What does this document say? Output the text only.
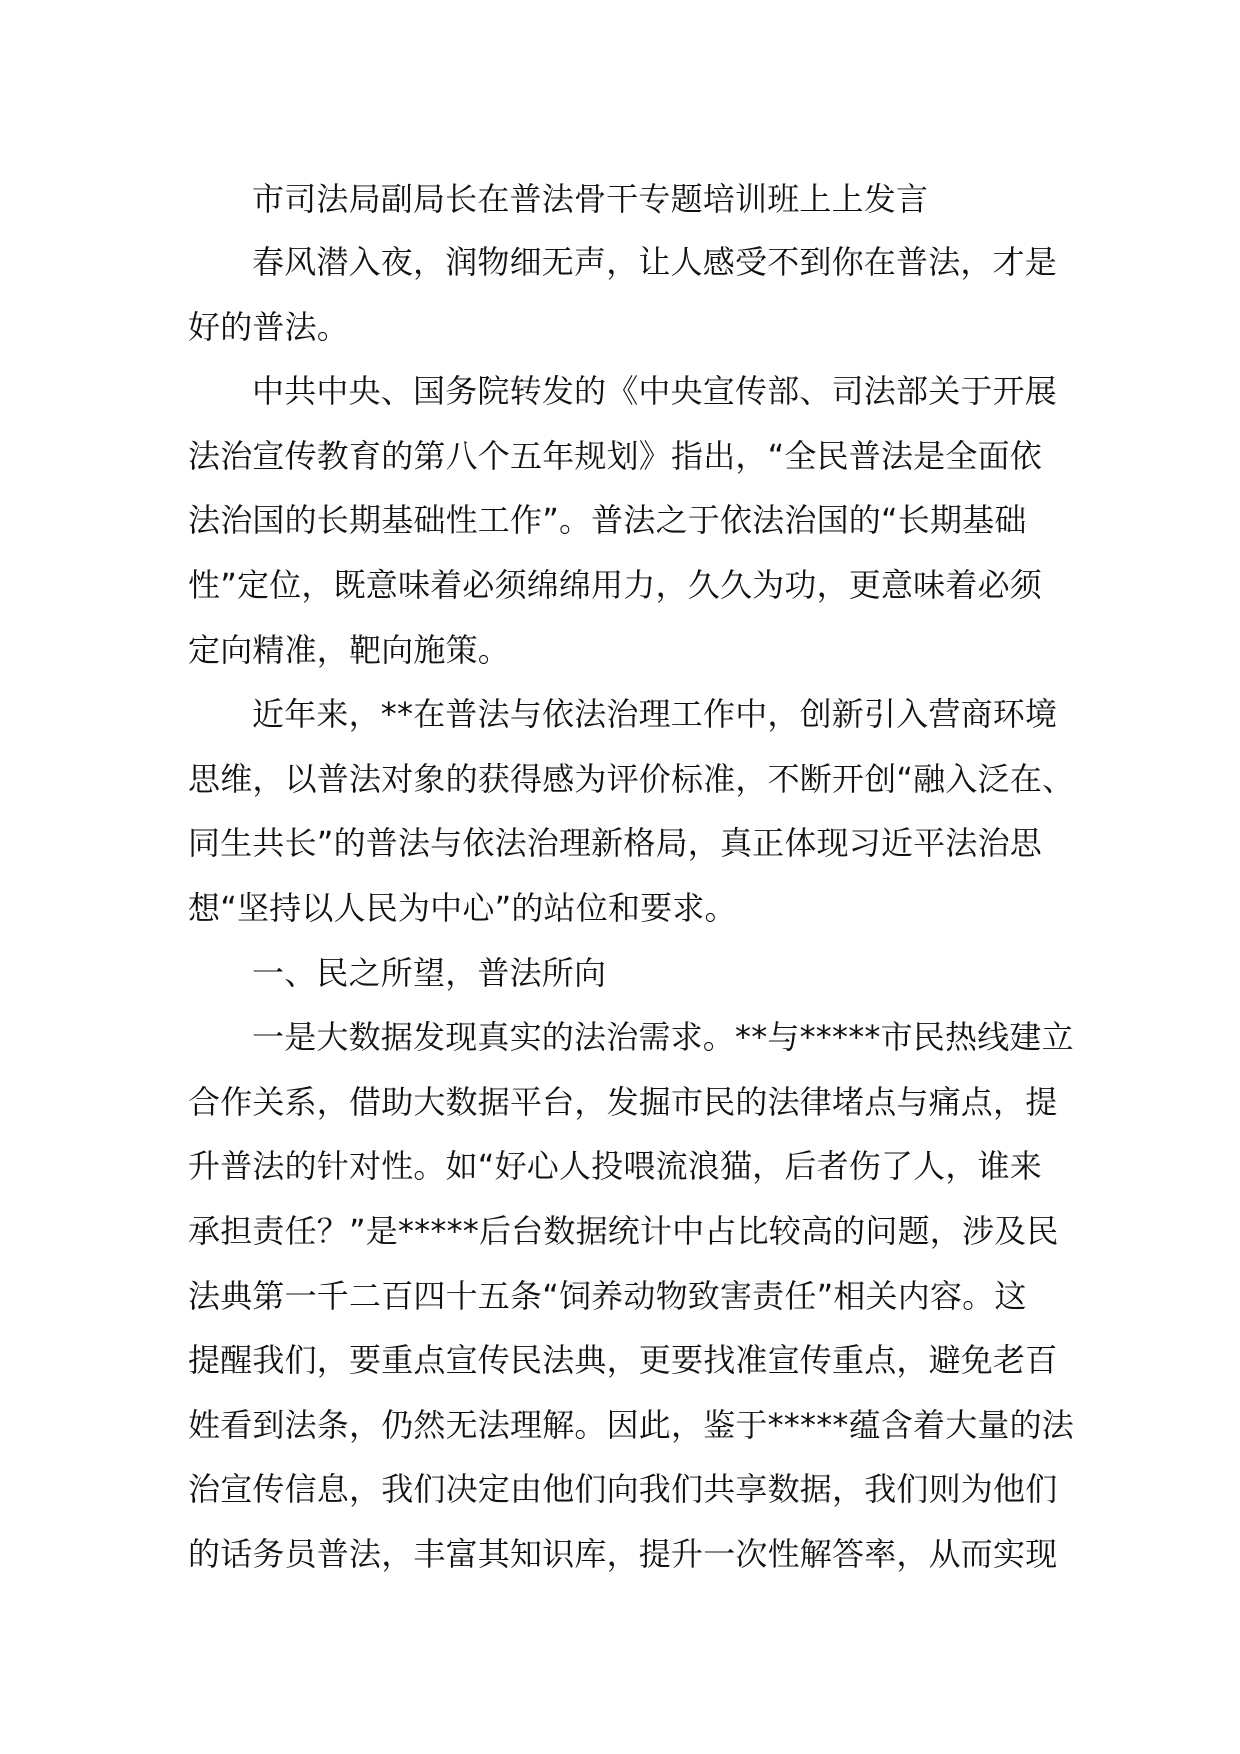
市司法局副局长在普法骨干专题培训班上上发言
春风潜入夜，润物细无声，让人感受不到你在普法，才是
好的普法。
中共中央、国务院转发的《中央宣传部、司法部关于开展
法治宣传教育的第八个五年规划》指出，“全民普法是全面依
法治国的长期基础性工作”。普法之于依法治国的“长期基础
性”定位，既意味着必须绵绵用力，久久为功，更意味着必须
定向精准，靶向施策。
近年来，**在普法与依法治理工作中，创新引入营商环境
思维，以普法对象的获得感为评价标准，不断开创“融入泛在、
同生共长”的普法与依法治理新格局，真正体现习近平法治思
想“坚持以人民为中心”的站位和要求。
一、民之所望，普法所向
一是大数据发现真实的法治需求。**与*****市民热线建立
合作关系，借助大数据平台，发掘市民的法律堵点与痛点，提
升普法的针对性。如“好心人投喂流浪猫，后者伤了人，谁来
承担责任？”是*****后台数据统计中占比较高的问题，涉及民
法典第一千二百四十五条“饲养动物致害责任”相关内容。这
提醒我们，要重点宣传民法典，更要找准宣传重点，避免老百
姓看到法条，仍然无法理解。因此，鉴于*****蕴含着大量的法
治宣传信息，我们决定由他们向我们共享数据，我们则为他们
的话务员普法，丰富其知识库，提升一次性解答率，从而实现
